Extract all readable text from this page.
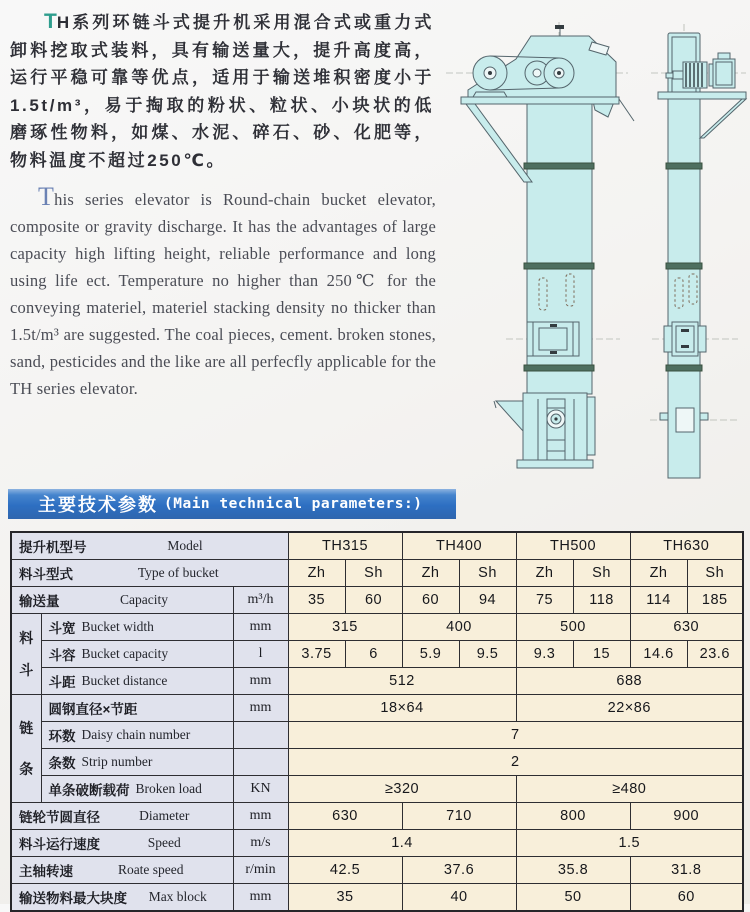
TH系列环链斗式提升机采用混合式或重力式卸料挖取式装料，具有输送量大，提升高度高，运行平稳可靠等优点，适用于输送堆积密度小于1.5t/m³，易于掏取的粉状、粒状、小块状的低磨琢性物料，如煤、水泥、碎石、砂、化肥等，物料温度不超过250℃。

This series elevator is Round-chain bucket elevator, composite or gravity discharge. It has the advantages of large capacity high lifting height, reliable performance and long using life ect. Temperature no higher than 250℃ for the conveying materiel, materiel stacking density no thicker than 1.5t/m³ are suggested. The coal pieces, cement. broken stones, sand, pesticides and the like are all perfecfly applicable for the TH series elevator.

主要技术参数 (Main technical parameters:)
提升机型号 Model			TH315		TH400		TH500		TH630	

料斗型式 Type of bucket			Zh	Sh	Zh	Sh	Zh	Sh	Zh	Sh

输送量 Capacity		m³/h	35	60	60	94	75	118	114	185

料
斗	斗宽 Bucket width	mm	315		400		500		630	

	斗容 Bucket capacity	l	3.75	6	5.9	9.5	9.3	15	14.6	23.6

	斗距 Bucket distance	mm	512				688			

链
条	圆钢直径×节距	mm	18×64				22×86			

	环数 Daisy chain number		7							

	条数 Strip number		2							

	单条破断载荷 Broken load	KN	≥320				≥480			

链轮节圆直径 Diameter		mm	630		710		800		900	

料斗运行速度 Speed		m/s	1.4				1.5			

主轴转速 Roate speed		r/min	42.5		37.6		35.8		31.8	

输送物料最大块度 Max block		mm	35		40		50		60	
